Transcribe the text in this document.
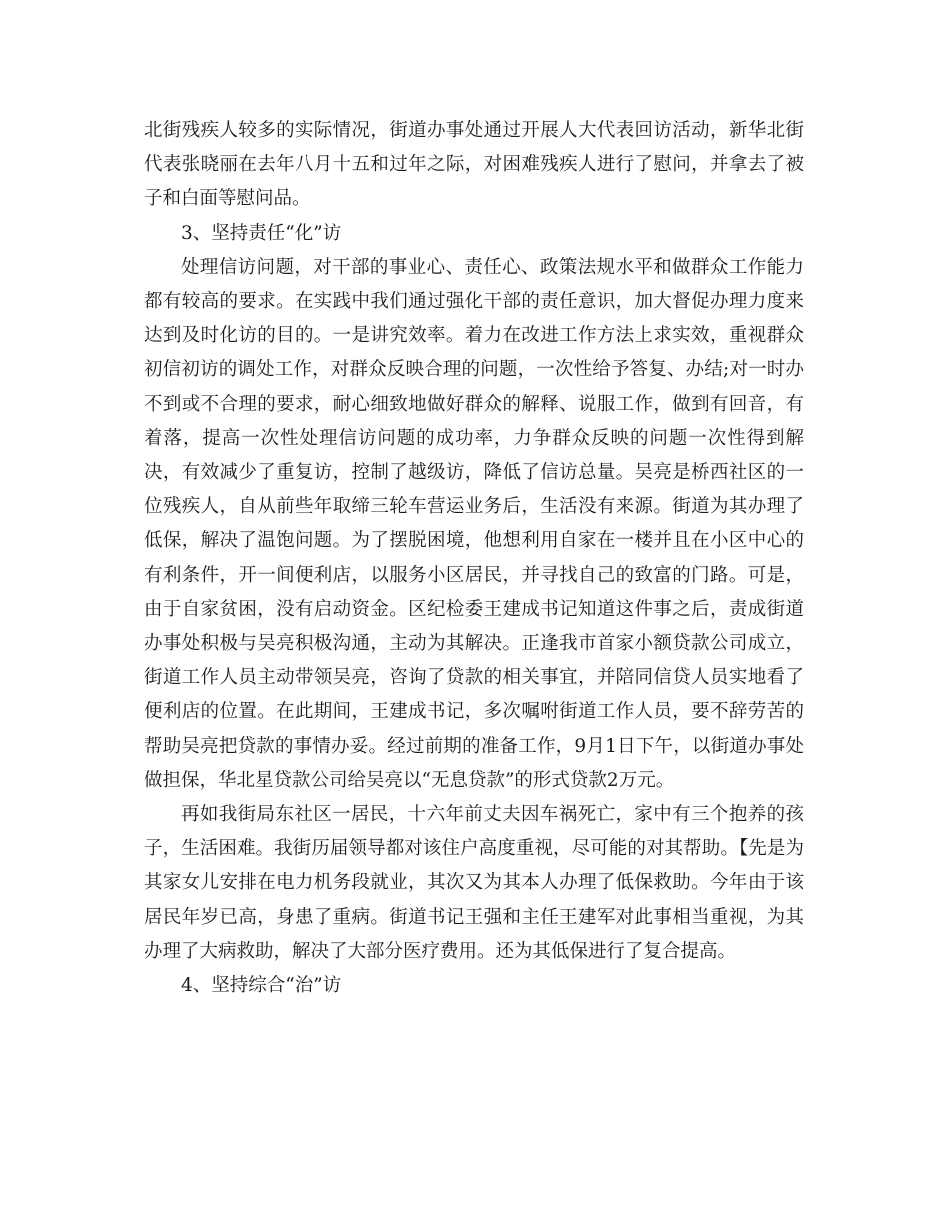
北街残疾人较多的实际情况，街道办事处通过开展人大代表回访活动，新华北街代表张晓丽在去年八月十五和过年之际，对困难残疾人进行了慰问，并拿去了被子和白面等慰问品。

3、坚持责任“化”访

处理信访问题，对干部的事业心、责任心、政策法规水平和做群众工作能力都有较高的要求。在实践中我们通过强化干部的责任意识，加大督促办理力度来达到及时化访的目的。一是讲究效率。着力在改进工作方法上求实效，重视群众初信初访的调处工作，对群众反映合理的问题，一次性给予答复、办结;对一时办不到或不合理的要求，耐心细致地做好群众的解释、说服工作，做到有回音，有着落，提高一次性处理信访问题的成功率，力争群众反映的问题一次性得到解决，有效减少了重复访，控制了越级访，降低了信访总量。吴亮是桥西社区的一位残疾人，自从前些年取缔三轮车营运业务后，生活没有来源。街道为其办理了低保，解决了温饱问题。为了摆脱困境，他想利用自家在一楼并且在小区中心的有利条件，开一间便利店，以服务小区居民，并寻找自己的致富的门路。可是，由于自家贫困，没有启动资金。区纪检委王建成书记知道这件事之后，责成街道办事处积极与吴亮积极沟通，主动为其解决。正逢我市首家小额贷款公司成立，街道工作人员主动带领吴亮，咨询了贷款的相关事宜，并陪同信贷人员实地看了便利店的位置。在此期间，王建成书记，多次嘱咐街道工作人员，要不辞劳苦的帮助吴亮把贷款的事情办妥。经过前期的准备工作，9月1日下午，以街道办事处做担保，华北星贷款公司给吴亮以“无息贷款”的形式贷款2万元。

再如我街局东社区一居民，十六年前丈夫因车祸死亡，家中有三个抱养的孩子，生活困难。我街历届领导都对该住户高度重视，尽可能的对其帮助。【先是为其家女儿安排在电力机务段就业，其次又为其本人办理了低保救助。今年由于该居民年岁已高，身患了重病。街道书记王强和主任王建军对此事相当重视，为其办理了大病救助，解决了大部分医疗费用。还为其低保进行了复合提高。

4、坚持综合“治”访
